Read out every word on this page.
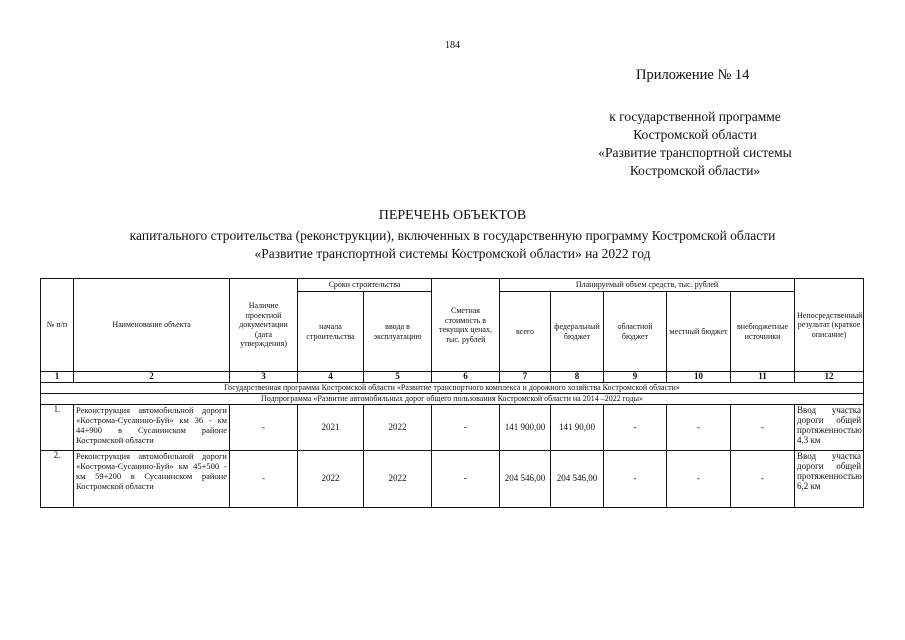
184
Приложение № 14
к государственной программе
Костромской области
«Развитие транспортной системы
Костромской области»
ПЕРЕЧЕНЬ ОБЪЕКТОВ
капитального строительства (реконструкции), включенных в государственную программу Костромской области
«Развитие транспортной системы Костромской области» на 2022 год
№ п/п	Наименование объекта	Наличие проектной документации (дата утверждения)	Сроки строительства		Сметная стоимость в текущих ценах, тыс. рублей	Планируемый объем средств, тыс. рублей					Непосредственный результат (краткое описание)
			начала строительства	ввода в эксплуатацию		всего	федеральный бюджет	областной бюджет	местный бюджет	внебюджетные источники	
1	2	3	4	5	6	7	8	9	10	11	12
Государственная программа Костромской области «Развитие транспортного комплекса и дорожного хозяйства Костромской области»											
Подпрограмма «Развитие автомобильных дорог общего пользования Костромской области на 2014 –2022 годы»											
1.	Реконструкция автомобильной дороги «Кострома-Сусанино-Буй» км 36 - км 44+900 в Сусанинском районе Костромской области	-	2021	2022	-	141 900,00	141 90,00	-	-	-	Ввод участка дороги общей протяженностью 4,3 км
2.	Реконструкция автомобильной дороги «Кострома-Сусанино-Буй» км 45+500 - км 59+200 в Сусанинском районе Костромской области	-	2022	2022	-	204 546,00	204 546,00	-	-	-	Ввод участка дороги общей протяженностью 6,2 км
